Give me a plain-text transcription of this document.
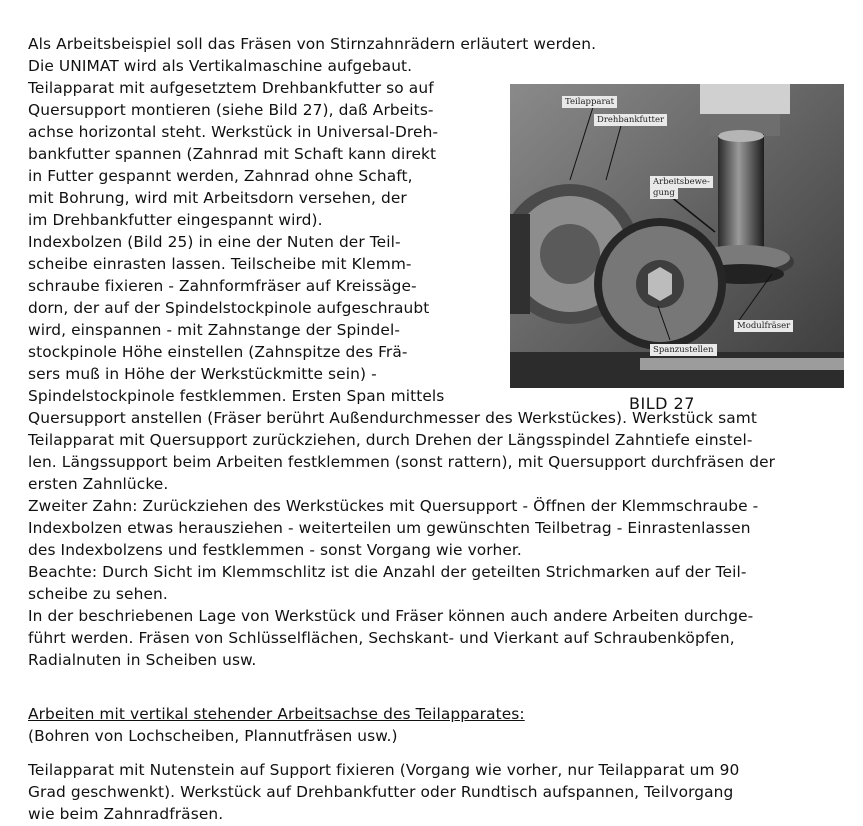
Als Arbeitsbeispiel soll das Fräsen von Stirnzahnrädern erläutert werden.
Die UNIMAT wird als Vertikalmaschine aufgebaut.
Teilapparat mit aufgesetztem Drehbankfutter so auf
Quersupport montieren (siehe Bild 27), daß Arbeits-
achse horizontal steht. Werkstück in Universal-Dreh-
bankfutter spannen (Zahnrad mit Schaft kann direkt
in Futter gespannt werden, Zahnrad ohne Schaft,
mit Bohrung, wird mit Arbeitsdorn versehen, der
im Drehbankfutter eingespannt wird).
Indexbolzen (Bild 25) in eine der Nuten der Teil-
scheibe einrasten lassen. Teilscheibe mit Klemm-
schraube fixieren - Zahnformfräser auf Kreissäge-
dorn, der auf der Spindelstockpinole aufgeschraubt
wird, einspannen - mit Zahnstange der Spindel-
stockpinole Höhe einstellen (Zahnspitze des Frä-
sers muß in Höhe der Werkstückmitte sein) -
Spindelstockpinole festklemmen. Ersten Span mittels
Quersupport anstellen (Fräser berührt Außendurchmesser des Werkstückes). Werkstück samt
Teilapparat mit Quersupport zurückziehen, durch Drehen der Längsspindel Zahntiefe einstel-
len. Längssupport beim Arbeiten festklemmen (sonst rattern), mit Quersupport durchfräsen der
ersten Zahnlücke.
Zweiter Zahn: Zurückziehen des Werkstückes mit Quersupport - Öffnen der Klemmschraube -
Indexbolzen etwas herausziehen - weiterteilen um gewünschten Teilbetrag - Einrastenlassen
des Indexbolzens und festklemmen - sonst Vorgang wie vorher.
Beachte: Durch Sicht im Klemmschlitz ist die Anzahl der geteilten Strichmarken auf der Teil-
scheibe zu sehen.
In der beschriebenen Lage von Werkstück und Fräser können auch andere Arbeiten durchge-
führt werden. Fräsen von Schlüsselflächen, Sechskant- und Vierkant auf Schraubenköpfen,
Radialnuten in Scheiben usw.
Teilapparat
Drehbankfutter
Arbeitsbewe-
gung
Modulfräser
Spanzustellen
BILD 27
Arbeiten mit vertikal stehender Arbeitsachse des Teilapparates:
(Bohren von Lochscheiben, Plannutfräsen usw.)
Teilapparat mit Nutenstein auf Support fixieren (Vorgang wie vorher, nur Teilapparat um 90
Grad geschwenkt). Werkstück auf Drehbankfutter oder Rundtisch aufspannen, Teilvorgang
wie beim Zahnradfräsen.
